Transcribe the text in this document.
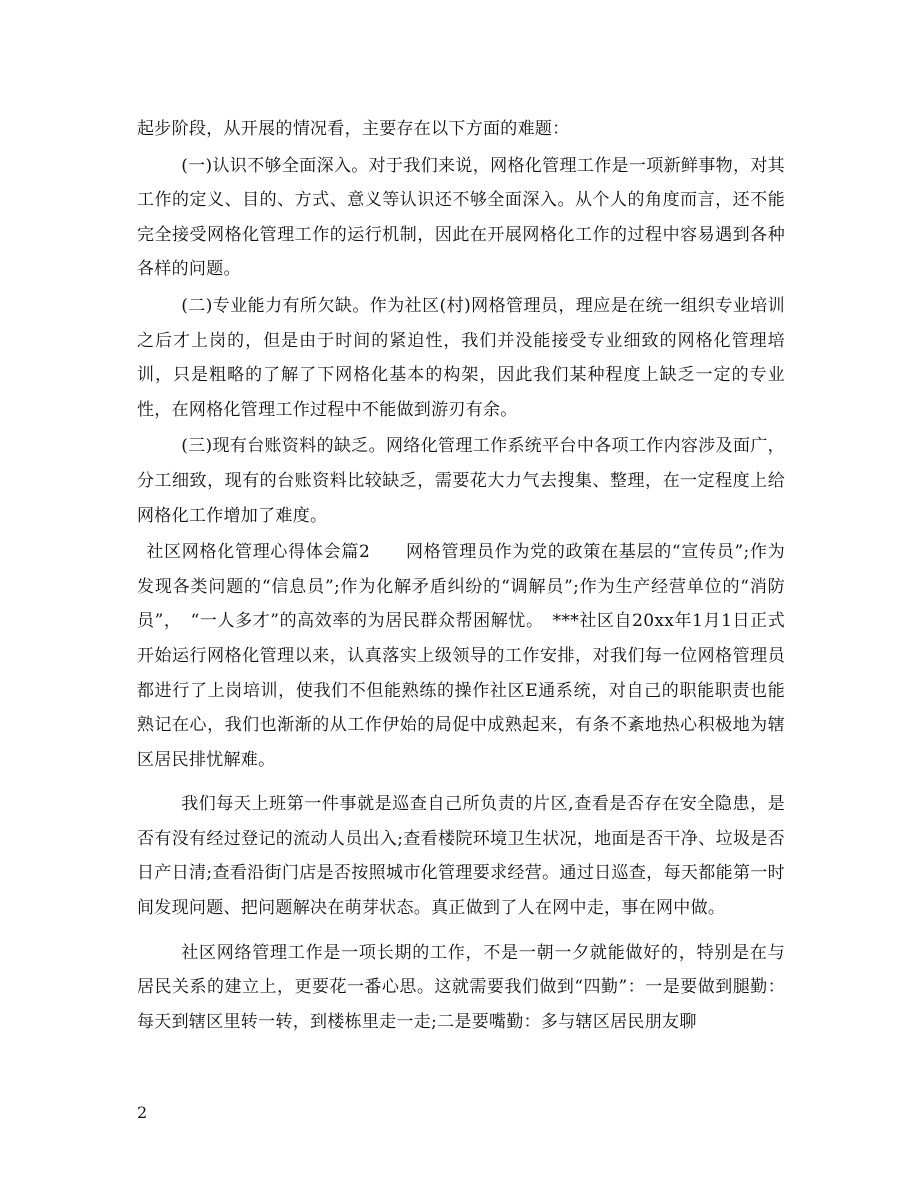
起步阶段，从开展的情况看，主要存在以下方面的难题：

(一)认识不够全面深入。对于我们来说，网格化管理工作是一项新鲜事物，对其工作的定义、目的、方式、意义等认识还不够全面深入。从个人的角度而言，还不能完全接受网格化管理工作的运行机制，因此在开展网格化工作的过程中容易遇到各种各样的问题。

(二)专业能力有所欠缺。作为社区(村)网格管理员，理应是在统一组织专业培训之后才上岗的，但是由于时间的紧迫性，我们并没能接受专业细致的网格化管理培训，只是粗略的了解了下网格化基本的构架，因此我们某种程度上缺乏一定的专业性，在网格化管理工作过程中不能做到游刃有余。

(三)现有台账资料的缺乏。网络化管理工作系统平台中各项工作内容涉及面广，分工细致，现有的台账资料比较缺乏，需要花大力气去搜集、整理，在一定程度上给网格化工作增加了难度。

社区网格化管理心得体会篇2　　网格管理员作为党的政策在基层的“宣传员”;作为发现各类问题的“信息员”;作为化解矛盾纠纷的“调解员”;作为生产经营单位的“消防员”，　“一人多才”的高效率的为居民群众帮困解忧。　***社区自20xx年1月1日正式开始运行网格化管理以来，认真落实上级领导的工作安排，对我们每一位网格管理员都进行了上岗培训，使我们不但能熟练的操作社区E通系统，对自己的职能职责也能熟记在心，我们也渐渐的从工作伊始的局促中成熟起来，有条不紊地热心积极地为辖区居民排忧解难。

我们每天上班第一件事就是巡查自己所负责的片区,查看是否存在安全隐患，是否有没有经过登记的流动人员出入;查看楼院环境卫生状况，地面是否干净、垃圾是否日产日清;查看沿街门店是否按照城市化管理要求经营。通过日巡查，每天都能第一时间发现问题、把问题解决在萌芽状态。真正做到了人在网中走，事在网中做。

社区网络管理工作是一项长期的工作，不是一朝一夕就能做好的，特别是在与居民关系的建立上，更要花一番心思。这就需要我们做到“四勤”：一是要做到腿勤：每天到辖区里转一转，到楼栋里走一走;二是要嘴勤：多与辖区居民朋友聊

2
